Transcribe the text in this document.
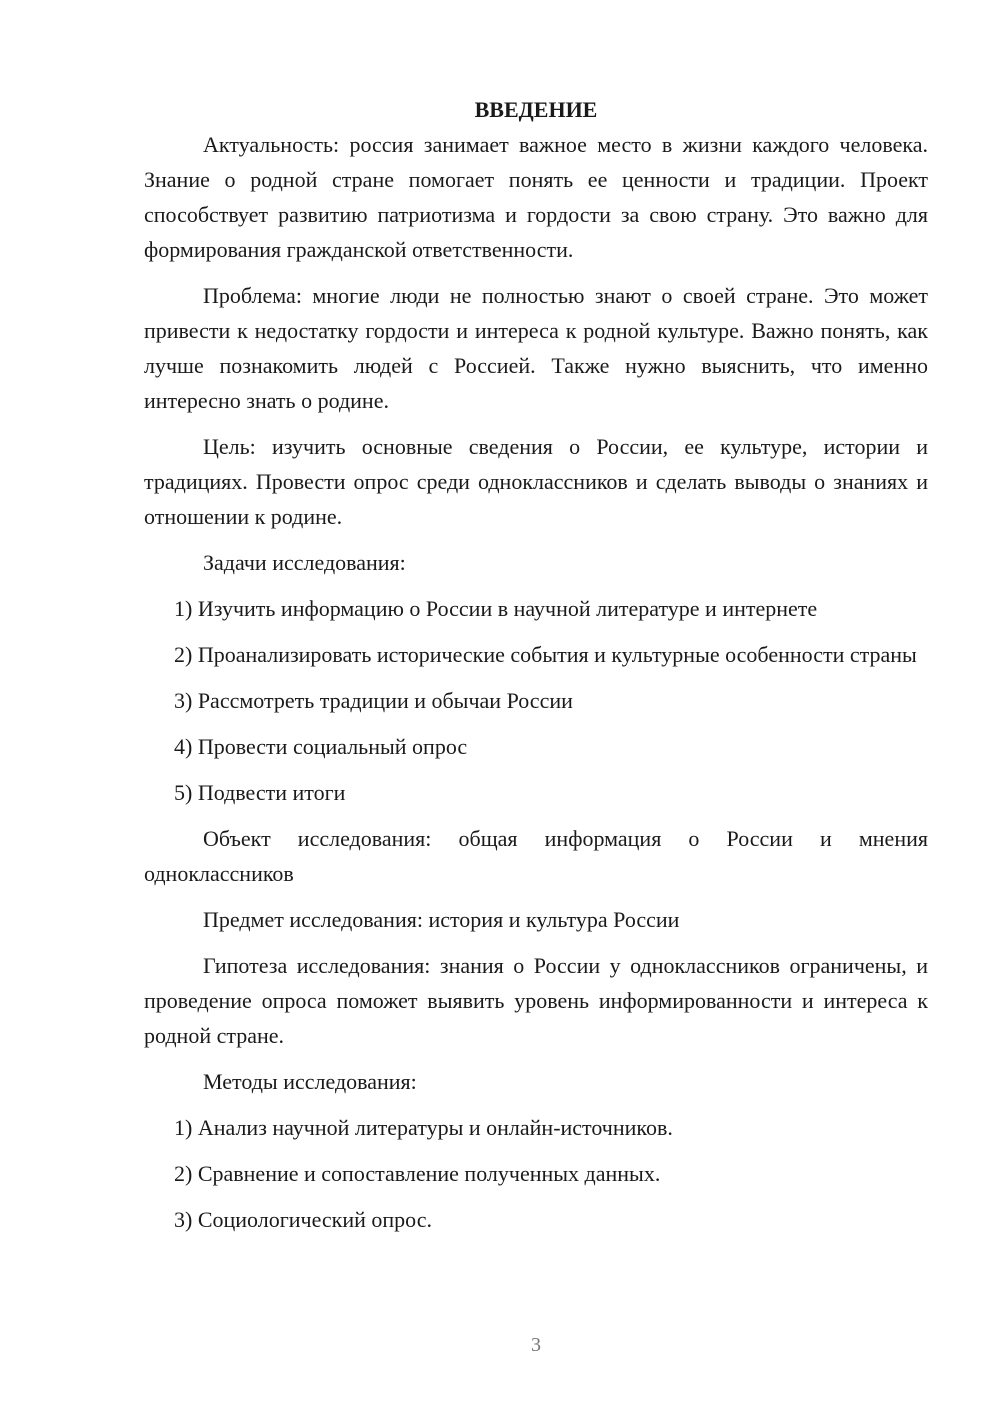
ВВЕДЕНИЕ

Актуальность: россия занимает важное место в жизни каждого человека. Знание о родной стране помогает понять ее ценности и традиции. Проект способствует развитию патриотизма и гордости за свою страну. Это важно для формирования гражданской ответственности.

Проблема: многие люди не полностью знают о своей стране. Это может привести к недостатку гордости и интереса к родной культуре. Важно понять, как лучше познакомить людей с Россией. Также нужно выяснить, что именно интересно знать о родине.

Цель: изучить основные сведения о России, ее культуре, истории и традициях. Провести опрос среди одноклассников и сделать выводы о знаниях и отношении к родине.

Задачи исследования:

1) Изучить информацию о России в научной литературе и интернете

2) Проанализировать исторические события и культурные особенности страны

3) Рассмотреть традиции и обычаи России

4) Провести социальный опрос

5) Подвести итоги

Объект исследования: общая информация о России и мнения одноклассников

Предмет исследования: история и культура России

Гипотеза исследования: знания о России у одноклассников ограничены, и проведение опроса поможет выявить уровень информированности и интереса к родной стране.

Методы исследования:

1) Анализ научной литературы и онлайн-источников.

2) Сравнение и сопоставление полученных данных.

3) Социологический опрос.

3
